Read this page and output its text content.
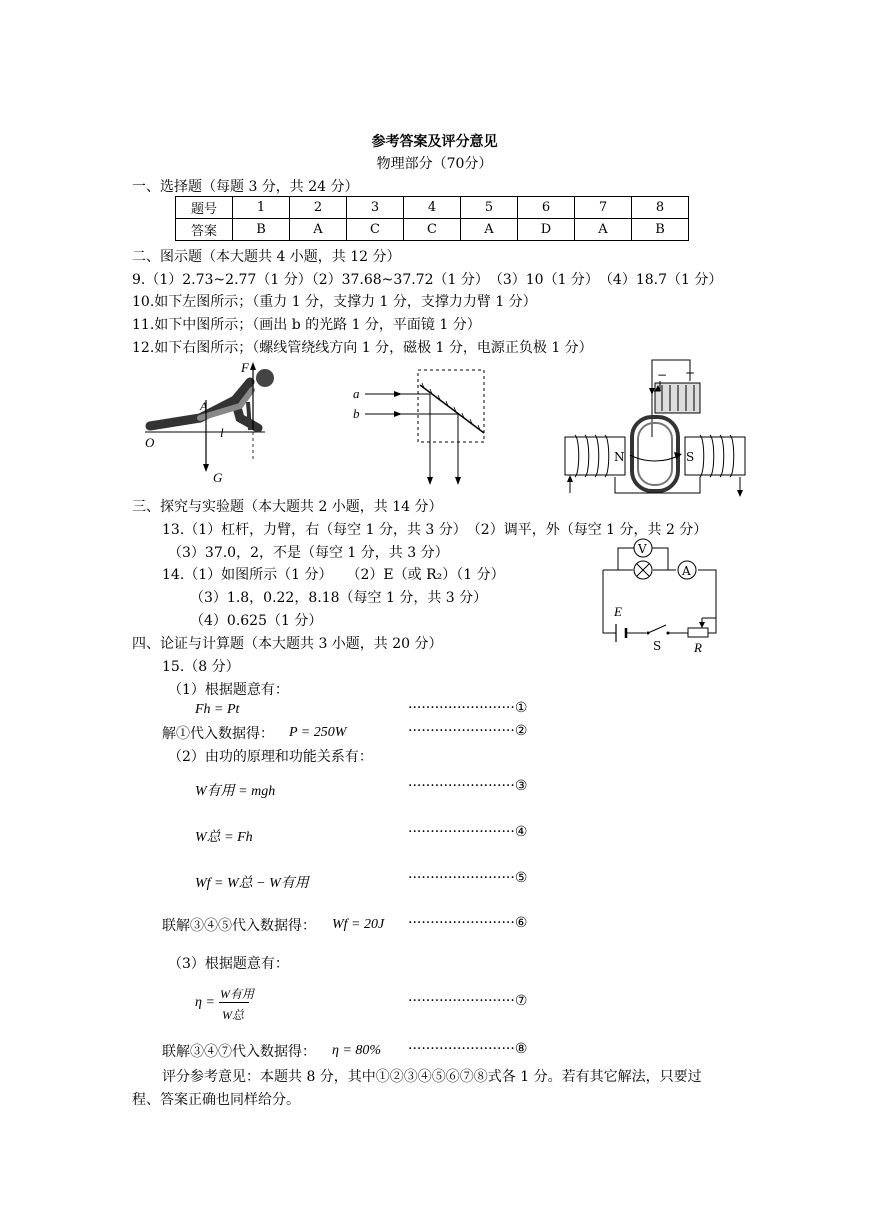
参考答案及评分意见
物理部分（70分）
一、选择题（每题 3 分，共 24 分）
题号	1	2	3	4	5	6	7	8
答案	B	A	C	C	A	D	A	B
二、图示题（本大题共 4 小题，共 12 分）
9.（1）2.73~2.77（1 分）（2）37.68~37.72（1 分）　（3）10（1 分）　（4）18.7（1 分）
10.如下左图所示；（重力 1 分，支撑力 1 分，支撑力力臂 1 分）
11.如下中图所示；（画出 b 的光路 1 分，平面镜 1 分）
12.如下右图所示；（螺线管绕线方向 1 分，磁极 1 分，电源正负极 1 分）
F
A
l
O
G
a
b
− +
N	S
三、探究与实验题（本大题共 2 小题，共 14 分）
13.（1）杠杆，力臂，右（每空 1 分，共 3 分）　（2）调平，外（每空 1 分，共 2 分）
（3）37.0，2，不是（每空 1 分，共 3 分）
14.（1）如图所示（1 分）　　（2）E（或 R₂）（1 分）
（3）1.8，0.22，8.18（每空 1 分，共 3 分）
（4）0.625（1 分）
A
V
E
S	R
四、论证与计算题（本大题共 3 小题，共 20 分）
15.（8 分）
（1）根据题意有：
Fh = Pt	························①
解①代入数据得： P = 250W	························②
（2）由功的原理和功能关系有：
W有用 = mgh	························③
W总 = Fh	························④
Wf = W总 − W有用	························⑤
联解③④⑤代入数据得： Wf = 20J ························⑥
（3）根据题意有：
η =
W有用
W总
························⑦
联解③④⑦代入数据得： η = 80% ························⑧
评分参考意见：本题共 8 分，其中①②③④⑤⑥⑦⑧式各 1 分。若有其它解法，只要过
程、答案正确也同样给分。
